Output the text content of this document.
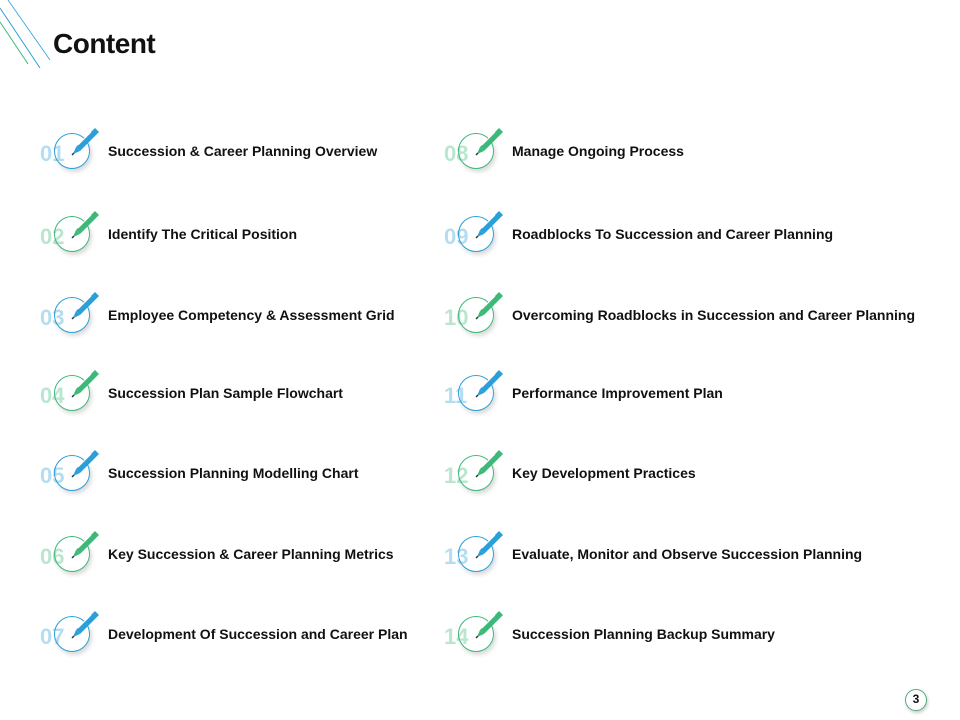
Content
01	Succession & Career Planning Overview
02	Identify The Critical Position
03	Employee Competency & Assessment Grid
04	Succession Plan Sample Flowchart
05	Succession Planning Modelling Chart
06	Key Succession & Career Planning Metrics
07	Development Of Succession and Career Plan
08	Manage Ongoing Process
09	Roadblocks To Succession and Career Planning
10	Overcoming Roadblocks in Succession and Career Planning
11	Performance Improvement Plan
12	Key Development Practices
13	Evaluate, Monitor and Observe Succession Planning
14	Succession Planning Backup Summary
3
